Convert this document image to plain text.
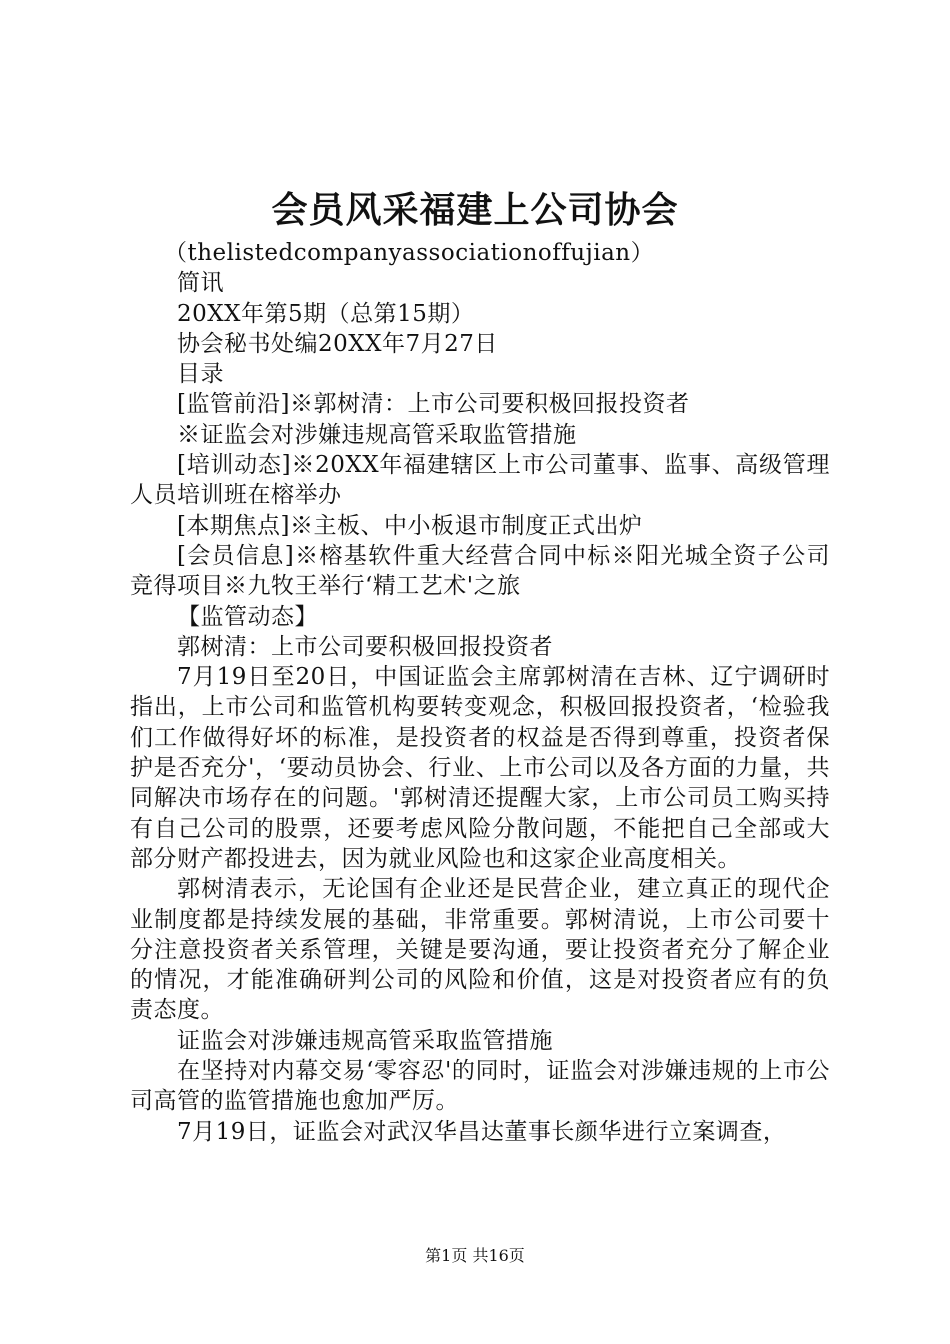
会员风采福建上公司协会

（thelistedcompanyassociationoffujian）

简讯

20XX年第5期（总第15期）

协会秘书处编20XX年7月27日

目录

[监管前沿]※郭树清：上市公司要积极回报投资者

※证监会对涉嫌违规高管采取监管措施

[培训动态]※20XX年福建辖区上市公司董事、监事、高级管理人员培训班在榕举办

[本期焦点]※主板、中小板退市制度正式出炉

[会员信息]※榕基软件重大经营合同中标※阳光城全资子公司竞得项目※九牧王举行‘精工艺术'之旅

【监管动态】

郭树清：上市公司要积极回报投资者

7月19日至20日，中国证监会主席郭树清在吉林、辽宁调研时指出，上市公司和监管机构要转变观念，积极回报投资者，‘检验我们工作做得好坏的标准，是投资者的权益是否得到尊重，投资者保护是否充分'，‘要动员协会、行业、上市公司以及各方面的力量，共同解决市场存在的问题。'郭树清还提醒大家，上市公司员工购买持有自己公司的股票，还要考虑风险分散问题，不能把自己全部或大部分财产都投进去，因为就业风险也和这家企业高度相关。

郭树清表示，无论国有企业还是民营企业，建立真正的现代企业制度都是持续发展的基础，非常重要。郭树清说，上市公司要十分注意投资者关系管理，关键是要沟通，要让投资者充分了解企业的情况，才能准确研判公司的风险和价值，这是对投资者应有的负责态度。

证监会对涉嫌违规高管采取监管措施

在坚持对内幕交易‘零容忍'的同时，证监会对涉嫌违规的上市公司高管的监管措施也愈加严厉。

7月19日，证监会对武汉华昌达董事长颜华进行立案调查，

第1页 共16页
